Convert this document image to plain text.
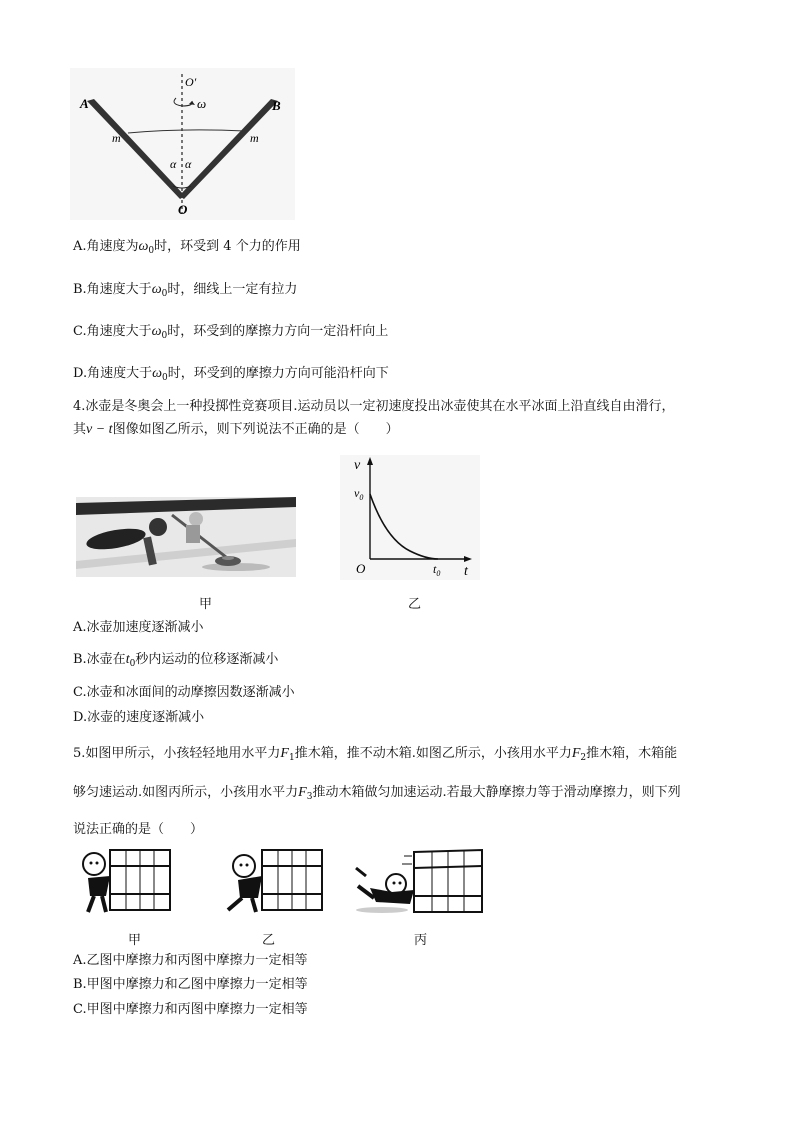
A	B
O′
ω
m	m
α α
O
A.角速度为$\omega_0$时，环受到 4 个力的作用
B.角速度大于$\omega_0$时，细线上一定有拉力
C.角速度大于$\omega_0$时，环受到的摩擦力方向一定沿杆向上
D.角速度大于$\omega_0$时，环受到的摩擦力方向可能沿杆向下
4.冰壶是冬奥会上一种投掷性竞赛项目.运动员以一定初速度投出冰壶使其在水平冰面上沿直线自由滑行，
其v − t图像如图乙所示，则下列说法不正确的是（　　）
甲
v
t
O
$v_0$
$t_0$
乙
A.冰壶加速度逐渐减小
B.冰壶在$t_0$秒内运动的位移逐渐减小
C.冰壶和冰面间的动摩擦因数逐渐减小
D.冰壶的速度逐渐减小
5.如图甲所示，小孩轻轻地用水平力$F_1$推木箱，推不动木箱.如图乙所示，小孩用水平力$F_2$推木箱，木箱能
够匀速运动.如图丙所示，小孩用水平力$F_3$推动木箱做匀加速运动.若最大静摩擦力等于滑动摩擦力，则下列
说法正确的是（　　）
甲	乙	丙
A.乙图中摩擦力和丙图中摩擦力一定相等
B.甲图中摩擦力和乙图中摩擦力一定相等
C.甲图中摩擦力和丙图中摩擦力一定相等
